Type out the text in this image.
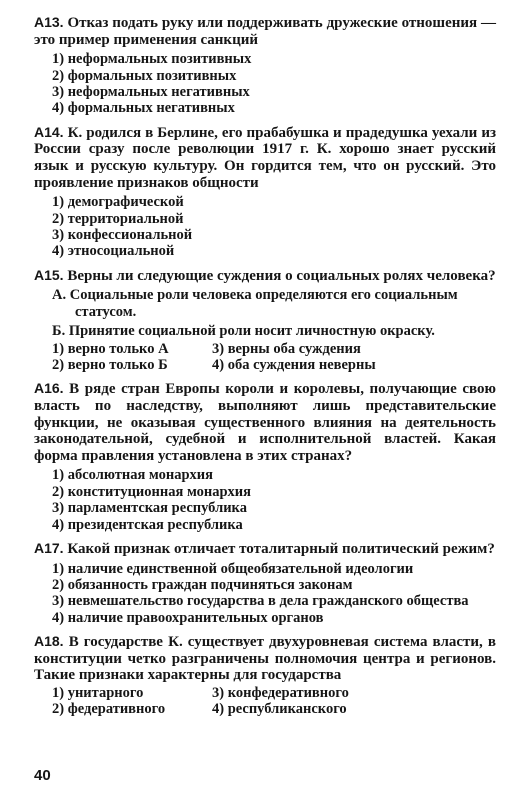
А13. Отказ подать руку или поддерживать дружеские отношения — это пример применения санкций

1) неформальных позитивных
2) формальных позитивных
3) неформальных негативных
4) формальных негативных

А14. К. родился в Берлине, его прабабушка и прадедушка уехали из России сразу после революции 1917 г. К. хорошо знает русский язык и русскую культуру. Он гордится тем, что он русский. Это проявление признаков общности

1) демографической
2) территориальной
3) конфессиональной
4) этносоциальной

А15. Верны ли следующие суждения о социальных ролях человека?

А. Социальные роли человека определяются его социальным статусом.

Б. Принятие социальной роли носит личностную окраску.

1) верно только А	3) верны оба суждения
2) верно только Б	4) оба суждения неверны

А16. В ряде стран Европы короли и королевы, получающие свою власть по наследству, выполняют лишь представительские функции, не оказывая существенного влияния на деятельность законодательной, судебной и исполнительной властей. Какая форма правления установлена в этих странах?

1) абсолютная монархия
2) конституционная монархия
3) парламентская республика
4) президентская республика

А17. Какой признак отличает тоталитарный политический режим?

1) наличие единственной общеобязательной идеологии
2) обязанность граждан подчиняться законам
3) невмешательство государства в дела гражданского общества
4) наличие правоохранительных органов

А18. В государстве К. существует двухуровневая система власти, в конституции четко разграничены полномочия центра и регионов. Такие признаки характерны для государства

1) унитарного	3) конфедеративного
2) федеративного	4) республиканского
40
